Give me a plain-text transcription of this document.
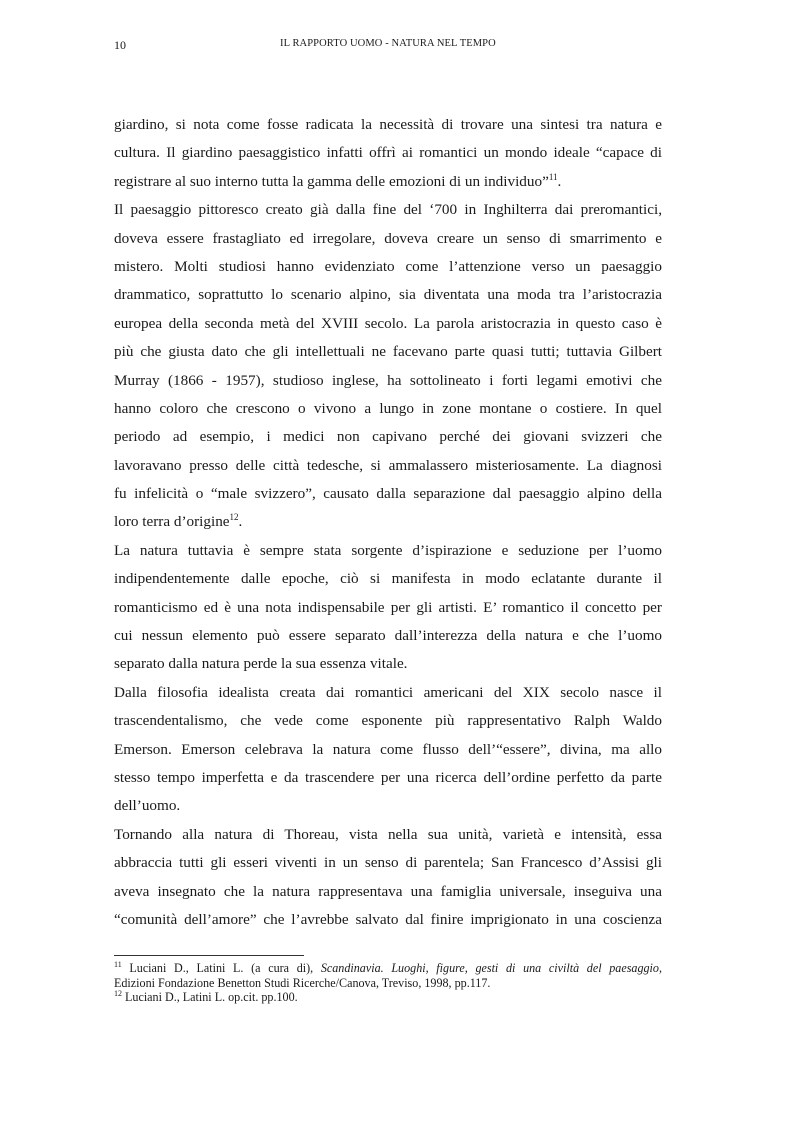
10	IL RAPPORTO UOMO - NATURA NEL TEMPO
giardino, si nota come fosse radicata la necessità di trovare una sintesi tra natura e
cultura. Il giardino paesaggistico infatti offrì ai romantici un mondo ideale “capace di
registrare al suo interno tutta la gamma delle emozioni di un individuo”$^{11}$.
Il paesaggio pittoresco creato già dalla fine del ‘700 in Inghilterra dai preromantici,
doveva essere frastagliato ed irregolare, doveva creare un senso di smarrimento e
mistero. Molti studiosi hanno evidenziato come l’attenzione verso un paesaggio
drammatico, soprattutto lo scenario alpino, sia diventata una moda tra l’aristocrazia
europea della seconda metà del XVIII secolo. La parola aristocrazia in questo caso è
più che giusta dato che gli intellettuali ne facevano parte quasi tutti; tuttavia Gilbert
Murray (1866 - 1957), studioso inglese, ha sottolineato i forti legami emotivi che
hanno coloro che crescono o vivono a lungo in zone montane o costiere. In quel
periodo ad esempio, i medici non capivano perché dei giovani svizzeri che
lavoravano presso delle città tedesche, si ammalassero misteriosamente. La diagnosi
fu infelicità o “male svizzero”, causato dalla separazione dal paesaggio alpino della
loro terra d’origine$^{12}$.
La natura tuttavia è sempre stata sorgente d’ispirazione e seduzione per l’uomo
indipendentemente dalle epoche, ciò si manifesta in modo eclatante durante il
romanticismo ed è una nota indispensabile per gli artisti. E’ romantico il concetto per
cui nessun elemento può essere separato dall’interezza della natura e che l’uomo
separato dalla natura perde la sua essenza vitale.
Dalla filosofia idealista creata dai romantici americani del XIX secolo nasce il
trascendentalismo, che vede come esponente più rappresentativo Ralph Waldo
Emerson. Emerson celebrava la natura come flusso dell’“essere”, divina, ma allo
stesso tempo imperfetta e da trascendere per una ricerca dell’ordine perfetto da parte
dell’uomo.
Tornando alla natura di Thoreau, vista nella sua unità, varietà e intensità, essa
abbraccia tutti gli esseri viventi in un senso di parentela; San Francesco d’Assisi gli
aveva insegnato che la natura rappresentava una famiglia universale, inseguiva una
“comunità dell’amore” che l’avrebbe salvato dal finire imprigionato in una coscienza
$^{11}$ Luciani D., Latini L. (a cura di), Scandinavia. Luoghi, figure, gesti di una civiltà del paesaggio,
Edizioni Fondazione Benetton Studi Ricerche/Canova, Treviso, 1998, pp.117.
$^{12}$ Luciani D., Latini L. op.cit. pp.100.
